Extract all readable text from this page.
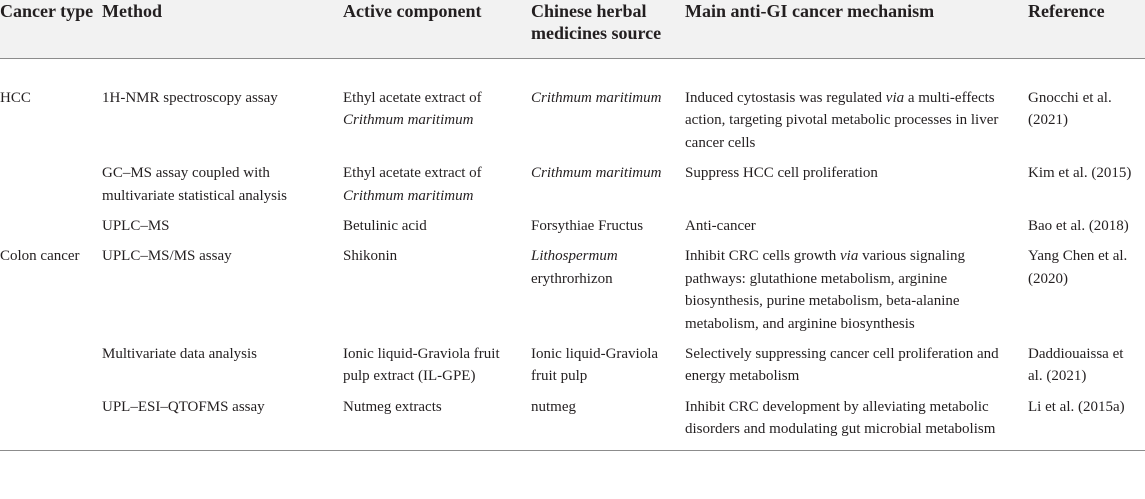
Cancer type	Method	Active component	Chinese herbal medicines source	Main anti-GI cancer mechanism	Reference
HCC	1H-NMR spectroscopy assay	Ethyl acetate extract of Crithmum maritimum	Crithmum maritimum	Induced cytostasis was regulated via a multi-effects action, targeting pivotal metabolic processes in liver cancer cells	Gnocchi et al. (2021)
	GC–MS assay coupled with multivariate statistical analysis	Ethyl acetate extract of Crithmum maritimum	Crithmum maritimum	Suppress HCC cell proliferation	Kim et al. (2015)
	UPLC–MS	Betulinic acid	Forsythiae Fructus	Anti-cancer	Bao et al. (2018)
Colon cancer	UPLC–MS/MS assay	Shikonin	Lithospermum erythrorhizon	Inhibit CRC cells growth via various signaling pathways: glutathione metabolism, arginine biosynthesis, purine metabolism, beta-alanine metabolism, and arginine biosynthesis	Yang Chen et al. (2020)
	Multivariate data analysis	Ionic liquid-Graviola fruit pulp extract (IL-GPE)	Ionic liquid-Graviola fruit pulp	Selectively suppressing cancer cell proliferation and energy metabolism	Daddiouaissa et al. (2021)
	UPL–ESI–QTOFMS assay	Nutmeg extracts	nutmeg	Inhibit CRC development by alleviating metabolic disorders and modulating gut microbial metabolism	Li et al. (2015a)
